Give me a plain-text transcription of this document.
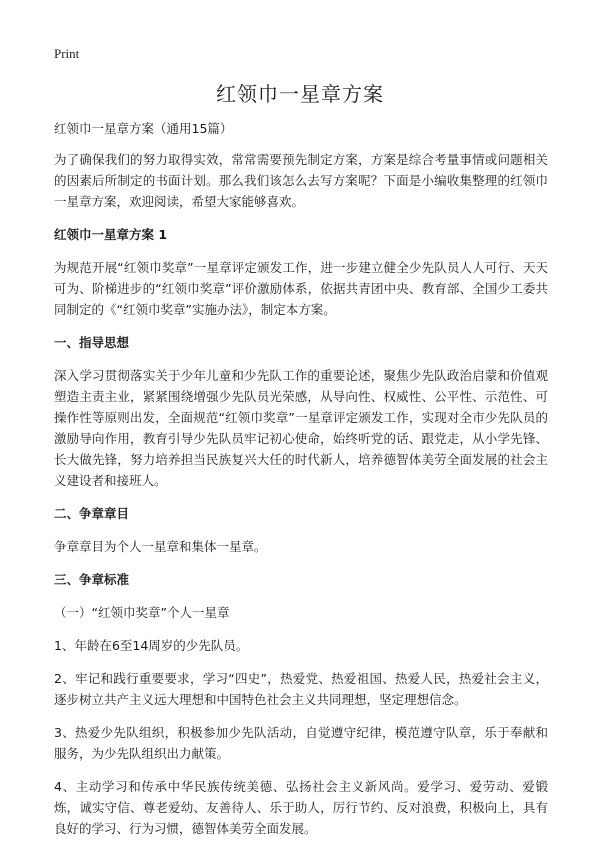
Print
红领巾一星章方案

红领巾一星章方案（通用15篇）

为了确保我们的努力取得实效，常常需要预先制定方案，方案是综合考量事情或问题相关的因素后所制定的书面计划。那么我们该怎么去写方案呢？下面是小编收集整理的红领巾一星章方案，欢迎阅读，希望大家能够喜欢。

红领巾一星章方案 1

为规范开展“红领巾奖章”一星章评定颁发工作，进一步建立健全少先队员人人可行、天天可为、阶梯进步的“红领巾奖章”评价激励体系，依据共青团中央、教育部、全国少工委共同制定的《“红领巾奖章”实施办法》，制定本方案。

一、指导思想

深入学习贯彻落实关于少年儿童和少先队工作的重要论述，聚焦少先队政治启蒙和价值观塑造主责主业，紧紧围绕增强少先队员光荣感，从导向性、权威性、公平性、示范性、可操作性等原则出发，全面规范“红领巾奖章”一星章评定颁发工作，实现对全市少先队员的激励导向作用，教育引导少先队员牢记初心使命，始终听党的话、跟党走，从小学先锋、长大做先锋，努力培养担当民族复兴大任的时代新人，培养德智体美劳全面发展的社会主义建设者和接班人。

二、争章章目

争章章目为个人一星章和集体一星章。

三、争章标准

（一）“红领巾奖章”个人一星章

1、年龄在6至14周岁的少先队员。

2、牢记和践行重要要求，学习“四史”，热爱党、热爱祖国、热爱人民，热爱社会主义，逐步树立共产主义远大理想和中国特色社会主义共同理想，坚定理想信念。

3、热爱少先队组织，积极参加少先队活动，自觉遵守纪律，模范遵守队章，乐于奉献和服务，为少先队组织出力献策。

4、主动学习和传承中华民族传统美德、弘扬社会主义新风尚。爱学习、爱劳动、爱锻炼，诚实守信、尊老爱幼、友善待人、乐于助人，厉行节约、反对浪费，积极向上，具有良好的学习、行为习惯，德智体美劳全面发展。
